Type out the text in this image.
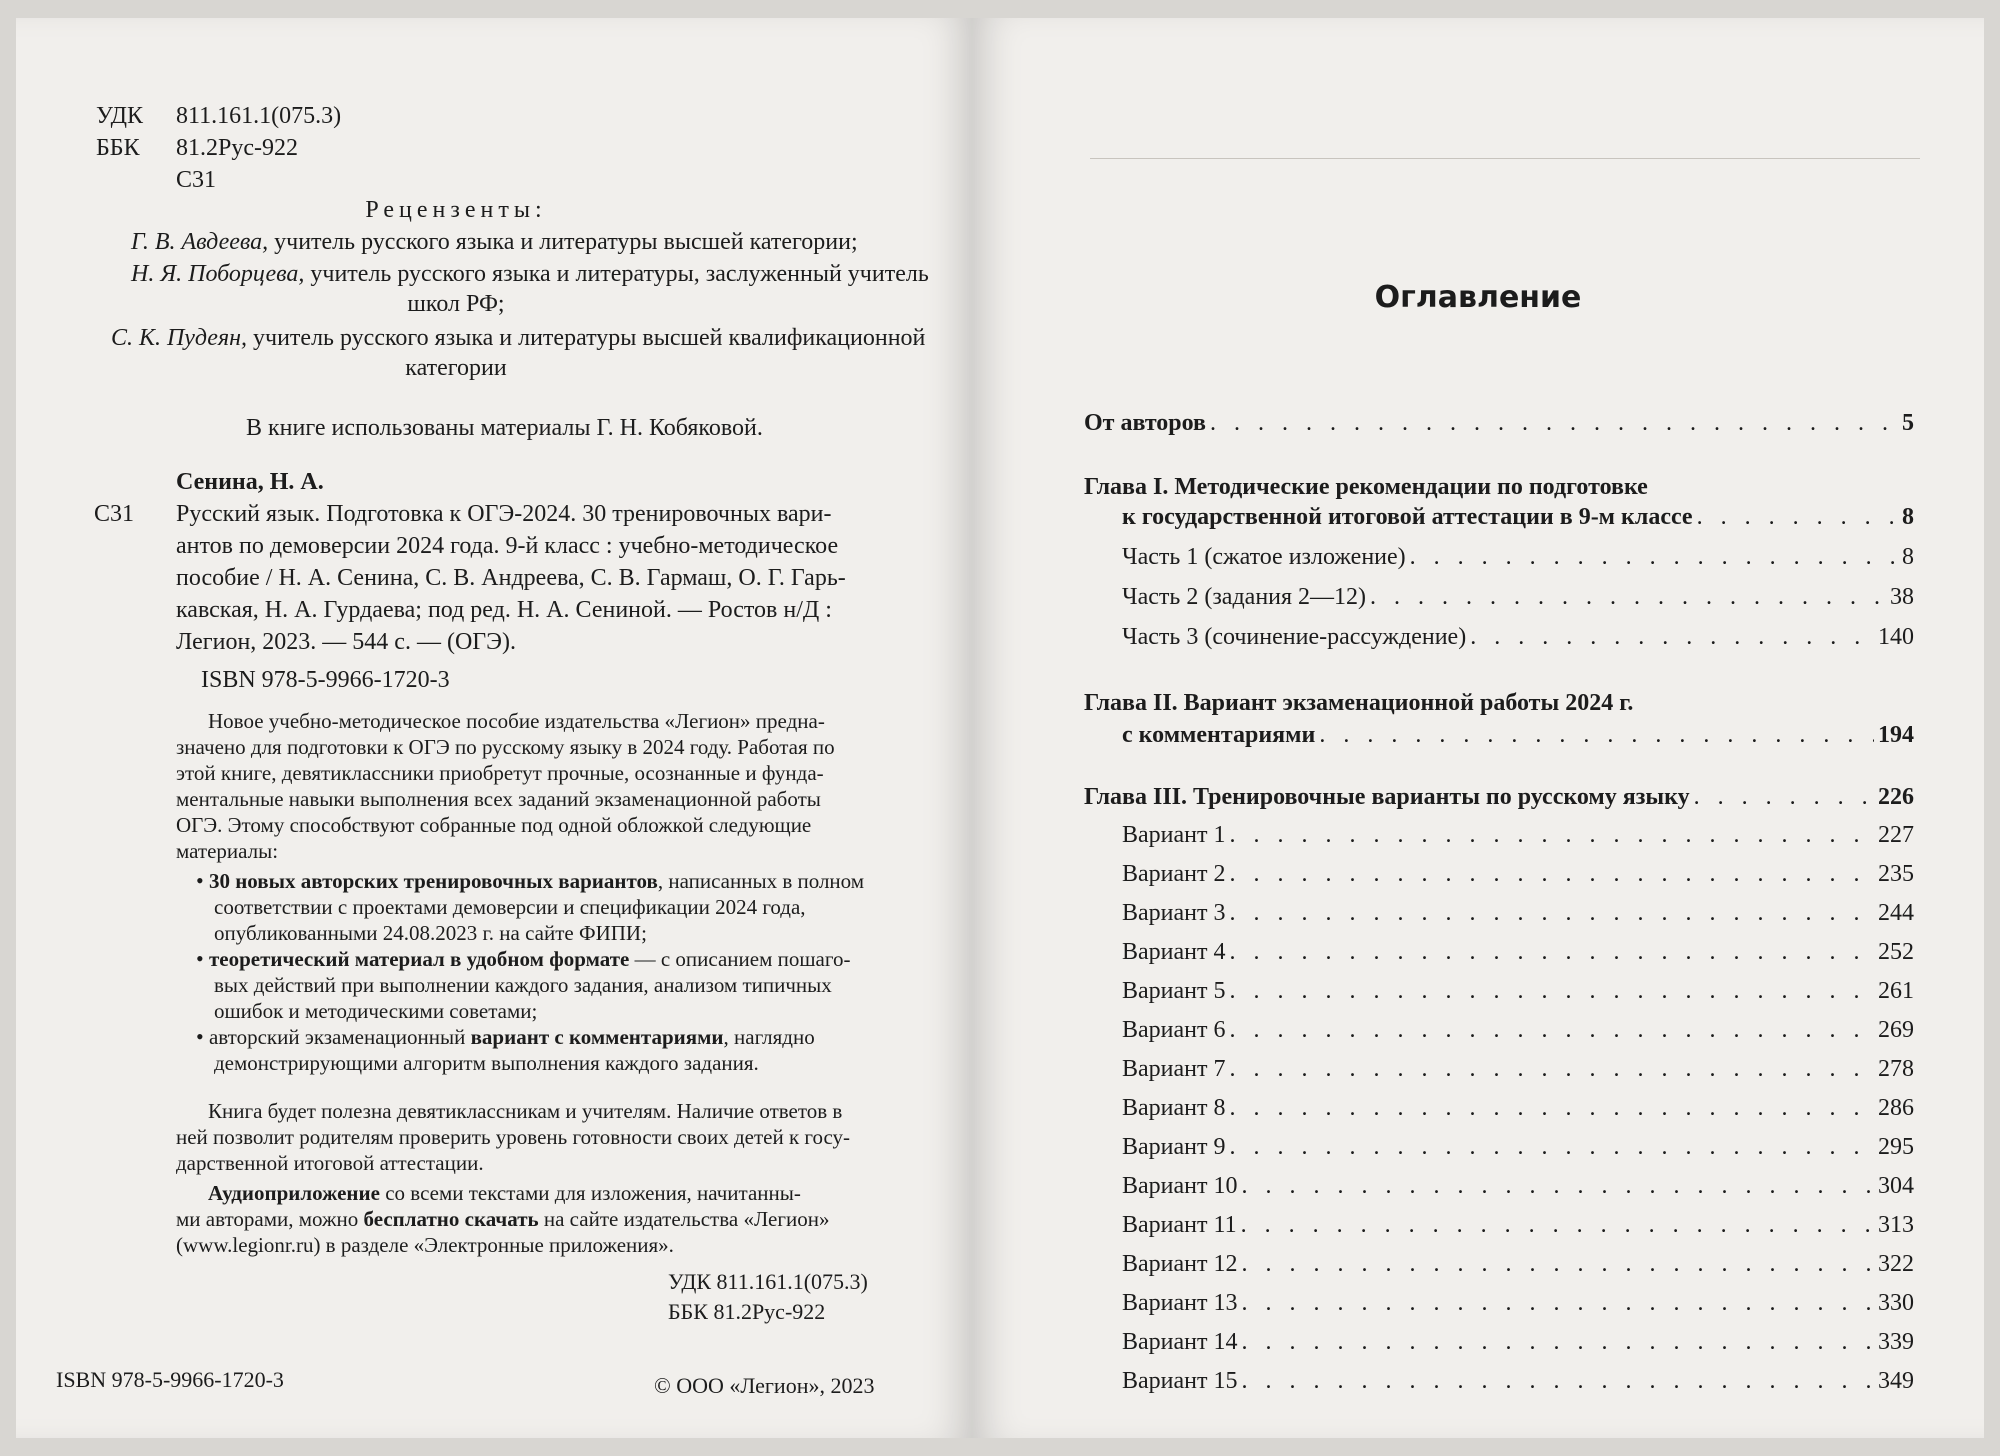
УДК	811.161.1(075.3)
ББК	81.2Рус-922
С31
Рецензенты:
Г. В. Авдеева, учитель русского языка и литературы высшей категории;
Н. Я. Поборцева, учитель русского языка и литературы, заслуженный учитель
школ РФ;
С. К. Пудеян, учитель русского языка и литературы высшей квалификационной
категории
В книге использованы материалы Г. Н. Кобяковой.
Сенина, Н. А.
С31 Русский язык. Подготовка к ОГЭ-2024. 30 тренировочных вари-
антов по демоверсии 2024 года. 9-й класс : учебно-методическое
пособие / Н. А. Сенина, С. В. Андреева, С. В. Гармаш, О. Г. Гарь-
кавская, Н. А. Гурдаева; под ред. Н. А. Сениной. — Ростов н/Д :
Легион, 2023. — 544 с. — (ОГЭ).
ISBN 978-5-9966-1720-3
Новое учебно-методическое пособие издательства «Легион» предна-
значено для подготовки к ОГЭ по русскому языку в 2024 году. Работая по
этой книге, девятиклассники приобретут прочные, осознанные и фунда-
ментальные навыки выполнения всех заданий экзаменационной работы
ОГЭ. Этому способствуют собранные под одной обложкой следующие
материалы:
• 30 новых авторских тренировочных вариантов, написанных в полном
соответствии с проектами демоверсии и спецификации 2024 года,
опубликованными 24.08.2023 г. на сайте ФИПИ;
• теоретический материал в удобном формате — с описанием пошаго-
вых действий при выполнении каждого задания, анализом типичных
ошибок и методическими советами;
• авторский экзаменационный вариант с комментариями, наглядно
демонстрирующими алгоритм выполнения каждого задания.
Книга будет полезна девятиклассникам и учителям. Наличие ответов в
ней позволит родителям проверить уровень готовности своих детей к госу-
дарственной итоговой аттестации.
Аудиоприложение со всеми текстами для изложения, начитанны-
ми авторами, можно бесплатно скачать на сайте издательства «Легион»
(www.legionr.ru) в разделе «Электронные приложения».
УДК 811.161.1(075.3)
ББК 81.2Рус-922
ISBN 978-5-9966-1720-3	© ООО «Легион», 2023
Оглавление
От авторов . . .	5
Глава I. Методические рекомендации по подготовке
к государственной итоговой аттестации в 9-м классе . . .	8
Часть 1 (сжатое изложение) . . .	8
Часть 2 (задания 2—12) . . .	38
Часть 3 (сочинение-рассуждение) . . .	140
Глава II. Вариант экзаменационной работы 2024 г.
с комментариями . . .	194
Глава III. Тренировочные варианты по русскому языку . . .	226
Вариант 1 . . .	227
Вариант 2 . . .	235
Вариант 3 . . .	244
Вариант 4 . . .	252
Вариант 5 . . .	261
Вариант 6 . . .	269
Вариант 7 . . .	278
Вариант 8 . . .	286
Вариант 9 . . .	295
Вариант 10 . . .	304
Вариант 11 . . .	313
Вариант 12 . . .	322
Вариант 13 . . .	330
Вариант 14 . . .	339
Вариант 15 . . .	349
